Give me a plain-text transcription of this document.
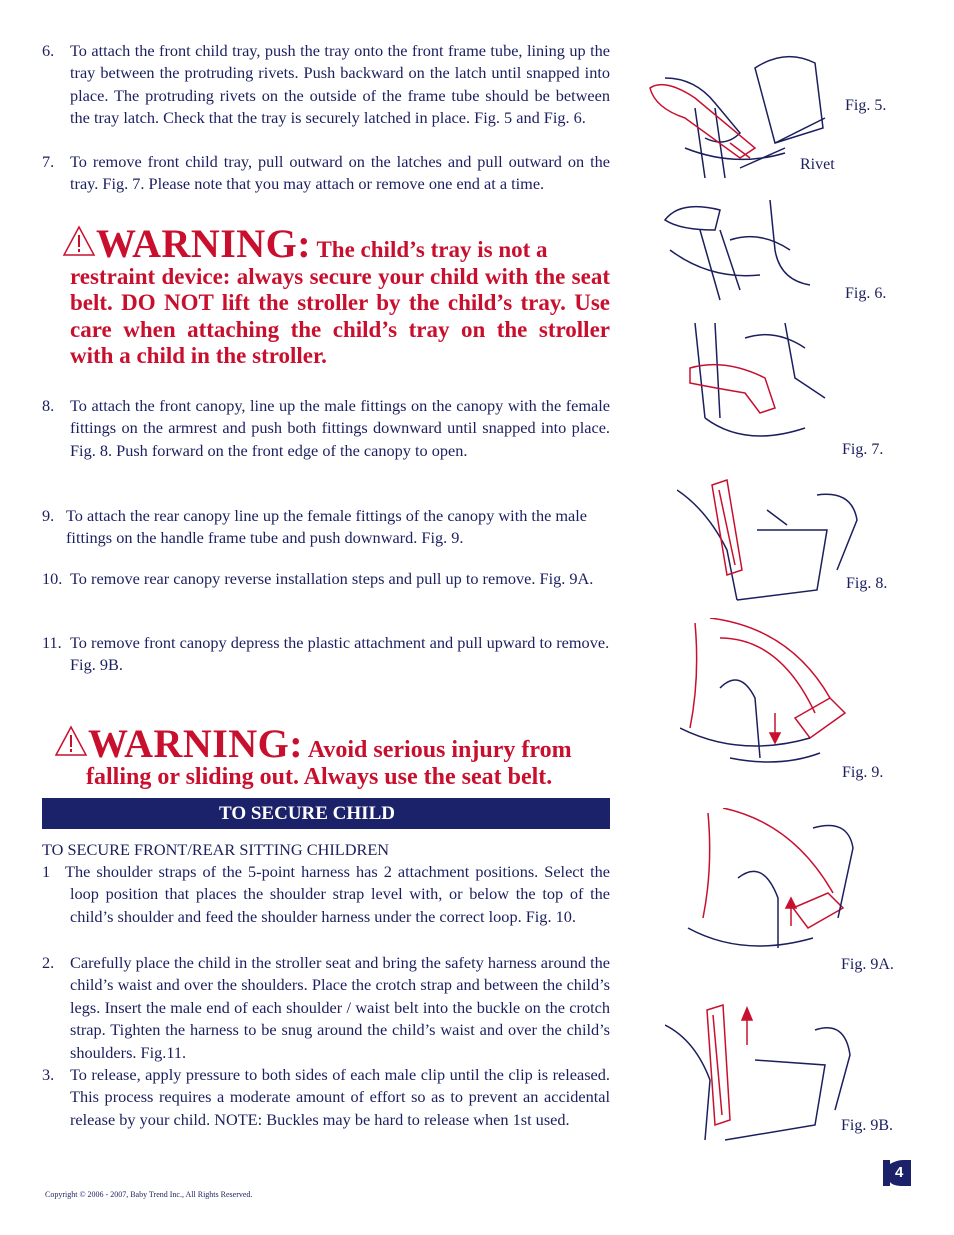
6. To attach the front child tray, push the tray onto the front frame tube, lining up the tray between the protruding rivets. Push backward on the latch until snapped into place. The protruding rivets on the outside of the frame tube should be between the tray latch. Check that the tray is securely latched in place. Fig. 5 and Fig. 6.
7. To remove front child tray, pull outward on the latches and pull outward on the tray. Fig. 7. Please note that you may attach or remove one end at a time.
WARNING: The child’s tray is not a
restraint device: always secure your child with the seat belt. DO NOT lift the stroller by the child’s tray. Use care when attaching the child’s tray on the stroller with a child in the stroller.
8. To attach the front canopy, line up the male fittings on the canopy with the female fittings on the armrest and push both fittings downward until snapped into place. Fig. 8. Push forward on the front edge of the canopy to open.
9. To attach the rear canopy line up the female fittings of the canopy with the male fittings on the handle frame tube and push downward. Fig. 9.
10. To remove rear canopy reverse installation steps and pull up to remove. Fig. 9A.
11. To remove front canopy depress the plastic attachment and pull upward to remove. Fig. 9B.
WARNING: Avoid serious injury from
falling or sliding out. Always use the seat belt.
TO SECURE CHILD
TO SECURE FRONT/REAR SITTING CHILDREN
1 The shoulder straps of the 5-point harness has 2 attachment positions. Select the loop position that places the shoulder strap level with, or below the top of the child’s shoulder and feed the shoulder harness under the correct loop. Fig. 10.
2. Carefully place the child in the stroller seat and bring the safety harness around the child’s waist and over the shoulders. Place the crotch strap and between the child’s legs. Insert the male end of each shoulder / waist belt into the buckle on the crotch strap. Tighten the harness to be snug around the child’s waist and over the child’s shoulders. Fig.11.
3. To release, apply pressure to both sides of each male clip until the clip is released. This process requires a moderate amount of effort so as to prevent an accidental release by your child. NOTE: Buckles may be hard to release when 1st used.
Fig. 5.
Rivet
Fig. 6.
Fig. 7.
Fig. 8.
Fig. 9.
Fig. 9A.
Fig. 9B.
Copyright © 2006 - 2007, Baby Trend Inc., All Rights Reserved.
4
